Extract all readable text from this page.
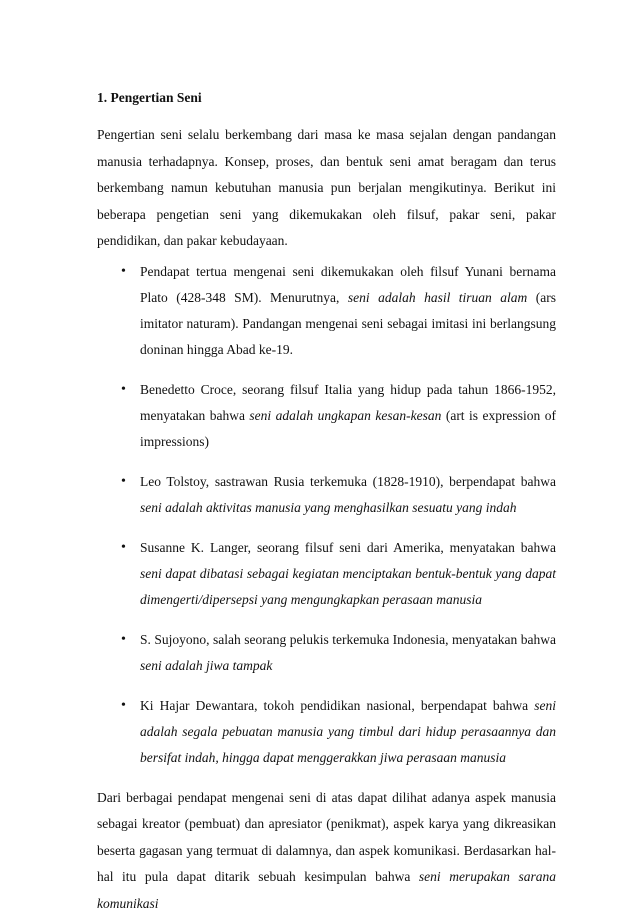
1. Pengertian Seni

Pengertian seni selalu berkembang dari masa ke masa sejalan dengan pandangan manusia terhadapnya. Konsep, proses, dan bentuk seni amat beragam dan terus berkembang namun kebutuhan manusia pun berjalan mengikutinya. Berikut ini beberapa pengetian seni yang dikemukakan oleh filsuf, pakar seni, pakar pendidikan, dan pakar kebudayaan.

• Pendapat tertua mengenai seni dikemukakan oleh filsuf Yunani bernama Plato (428-348 SM). Menurutnya, seni adalah hasil tiruan alam (ars imitator naturam). Pandangan mengenai seni sebagai imitasi ini berlangsung doninan hingga Abad ke-19.
• Benedetto Croce, seorang filsuf Italia yang hidup pada tahun 1866-1952, menyatakan bahwa seni adalah ungkapan kesan-kesan (art is expression of impressions)
• Leo Tolstoy, sastrawan Rusia terkemuka (1828-1910), berpendapat bahwa seni adalah aktivitas manusia yang menghasilkan sesuatu yang indah
• Susanne K. Langer, seorang filsuf seni dari Amerika, menyatakan bahwa seni dapat dibatasi sebagai kegiatan menciptakan bentuk-bentuk yang dapat dimengerti/dipersepsi yang mengungkapkan perasaan manusia
• S. Sujoyono, salah seorang pelukis terkemuka Indonesia, menyatakan bahwa seni adalah jiwa tampak
• Ki Hajar Dewantara, tokoh pendidikan nasional, berpendapat bahwa seni adalah segala pebuatan manusia yang timbul dari hidup perasaannya dan bersifat indah, hingga dapat menggerakkan jiwa perasaan manusia

Dari berbagai pendapat mengenai seni di atas dapat dilihat adanya aspek manusia sebagai kreator (pembuat) dan apresiator (penikmat), aspek karya yang dikreasikan beserta gagasan yang termuat di dalamnya, dan aspek komunikasi. Berdasarkan hal-hal itu pula dapat ditarik sebuah kesimpulan bahwa seni merupakan sarana komunikasi
